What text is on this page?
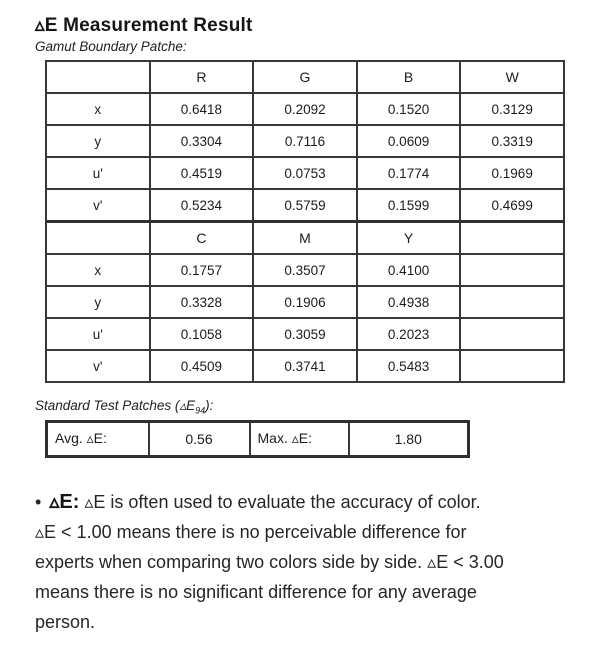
▵E Measurement Result
Gamut Boundary Patche:
	R	G	B	W
x	0.6418	0.2092	0.1520	0.3129
y	0.3304	0.7116	0.0609	0.3319
u'	0.4519	0.0753	0.1774	0.1969
v'	0.5234	0.5759	0.1599	0.4699
	C	M	Y	
x	0.1757	0.3507	0.4100	
y	0.3328	0.1906	0.4938	
u'	0.1058	0.3059	0.2023	
v'	0.4509	0.3741	0.5483	
Standard Test Patches $(▵E_{94})$:
Avg. ▵E:	0.56	Max. ▵E:	1.80
• ▵E: ▵E is often used to evaluate the accuracy of color.
▵E < 1.00 means there is no perceivable difference for
experts when comparing two colors side by side. ▵E < 3.00
means there is no significant difference for any average
person.
